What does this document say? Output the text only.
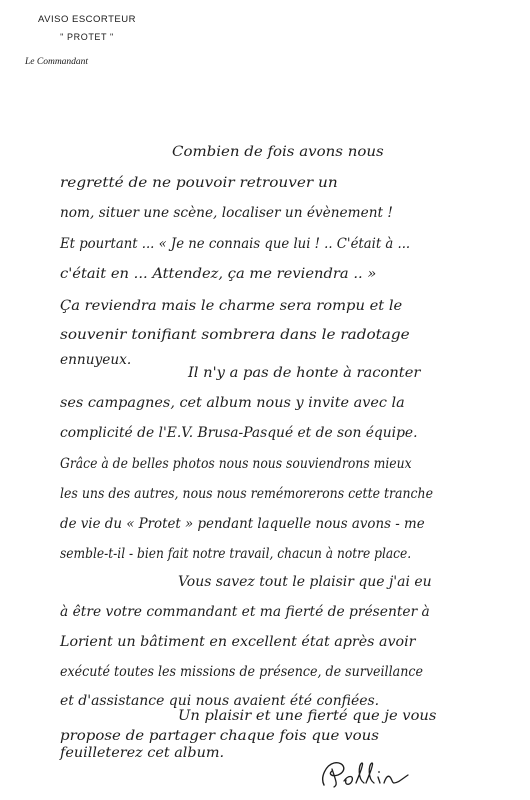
AVISO ESCORTEUR
" PROTET "
Le Commandant
Combien de fois avons nous
regretté de ne pouvoir retrouver un
nom, situer une scène, localiser un évènement !
Et pourtant ... « Je ne connais que lui ! .. C'était à ...
c'était en ... Attendez, ça me reviendra .. »
Ça reviendra mais le charme sera rompu et le
souvenir tonifiant sombrera dans le radotage
ennuyeux.
Il n'y a pas de honte à raconter
ses campagnes, cet album nous y invite avec la
complicité de l'E.V. Brusa-Pasqué et de son équipe.
Grâce à de belles photos nous nous souviendrons mieux
les uns des autres, nous nous remémorerons cette tranche
de vie du « Protet » pendant laquelle nous avons - me
semble-t-il - bien fait notre travail, chacun à notre place.
Vous savez tout le plaisir que j'ai eu
à être votre commandant et ma fierté de présenter à
Lorient un bâtiment en excellent état après avoir
exécuté toutes les missions de présence, de surveillance
et d'assistance qui nous avaient été confiées.
Un plaisir et une fierté que je vous
propose de partager chaque fois que vous
feuilleterez cet album.
